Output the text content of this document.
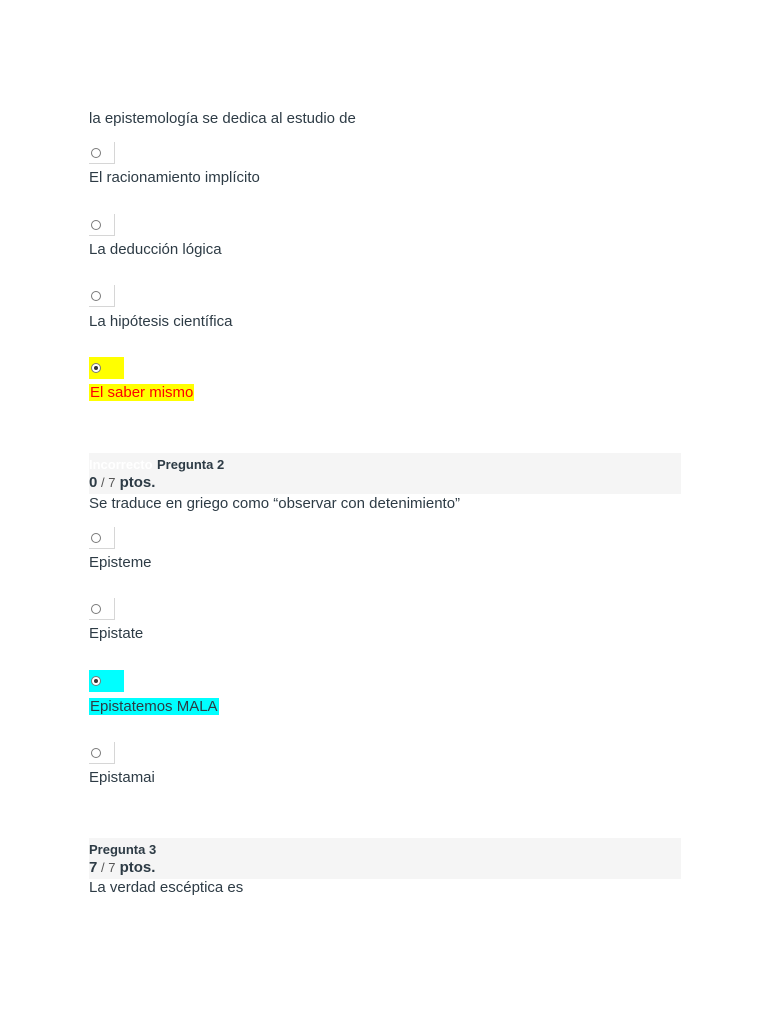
la epistemología se dedica al estudio de
El racionamiento implícito
La deducción lógica
La hipótesis científica
El saber mismo
Incorrecto Pregunta 2
0 / 7 ptos.
Se traduce en griego como “observar con detenimiento”
Episteme
Epistate
Epistatemos MALA
Epistamai
Pregunta 3
7 / 7 ptos.
La verdad escéptica es
